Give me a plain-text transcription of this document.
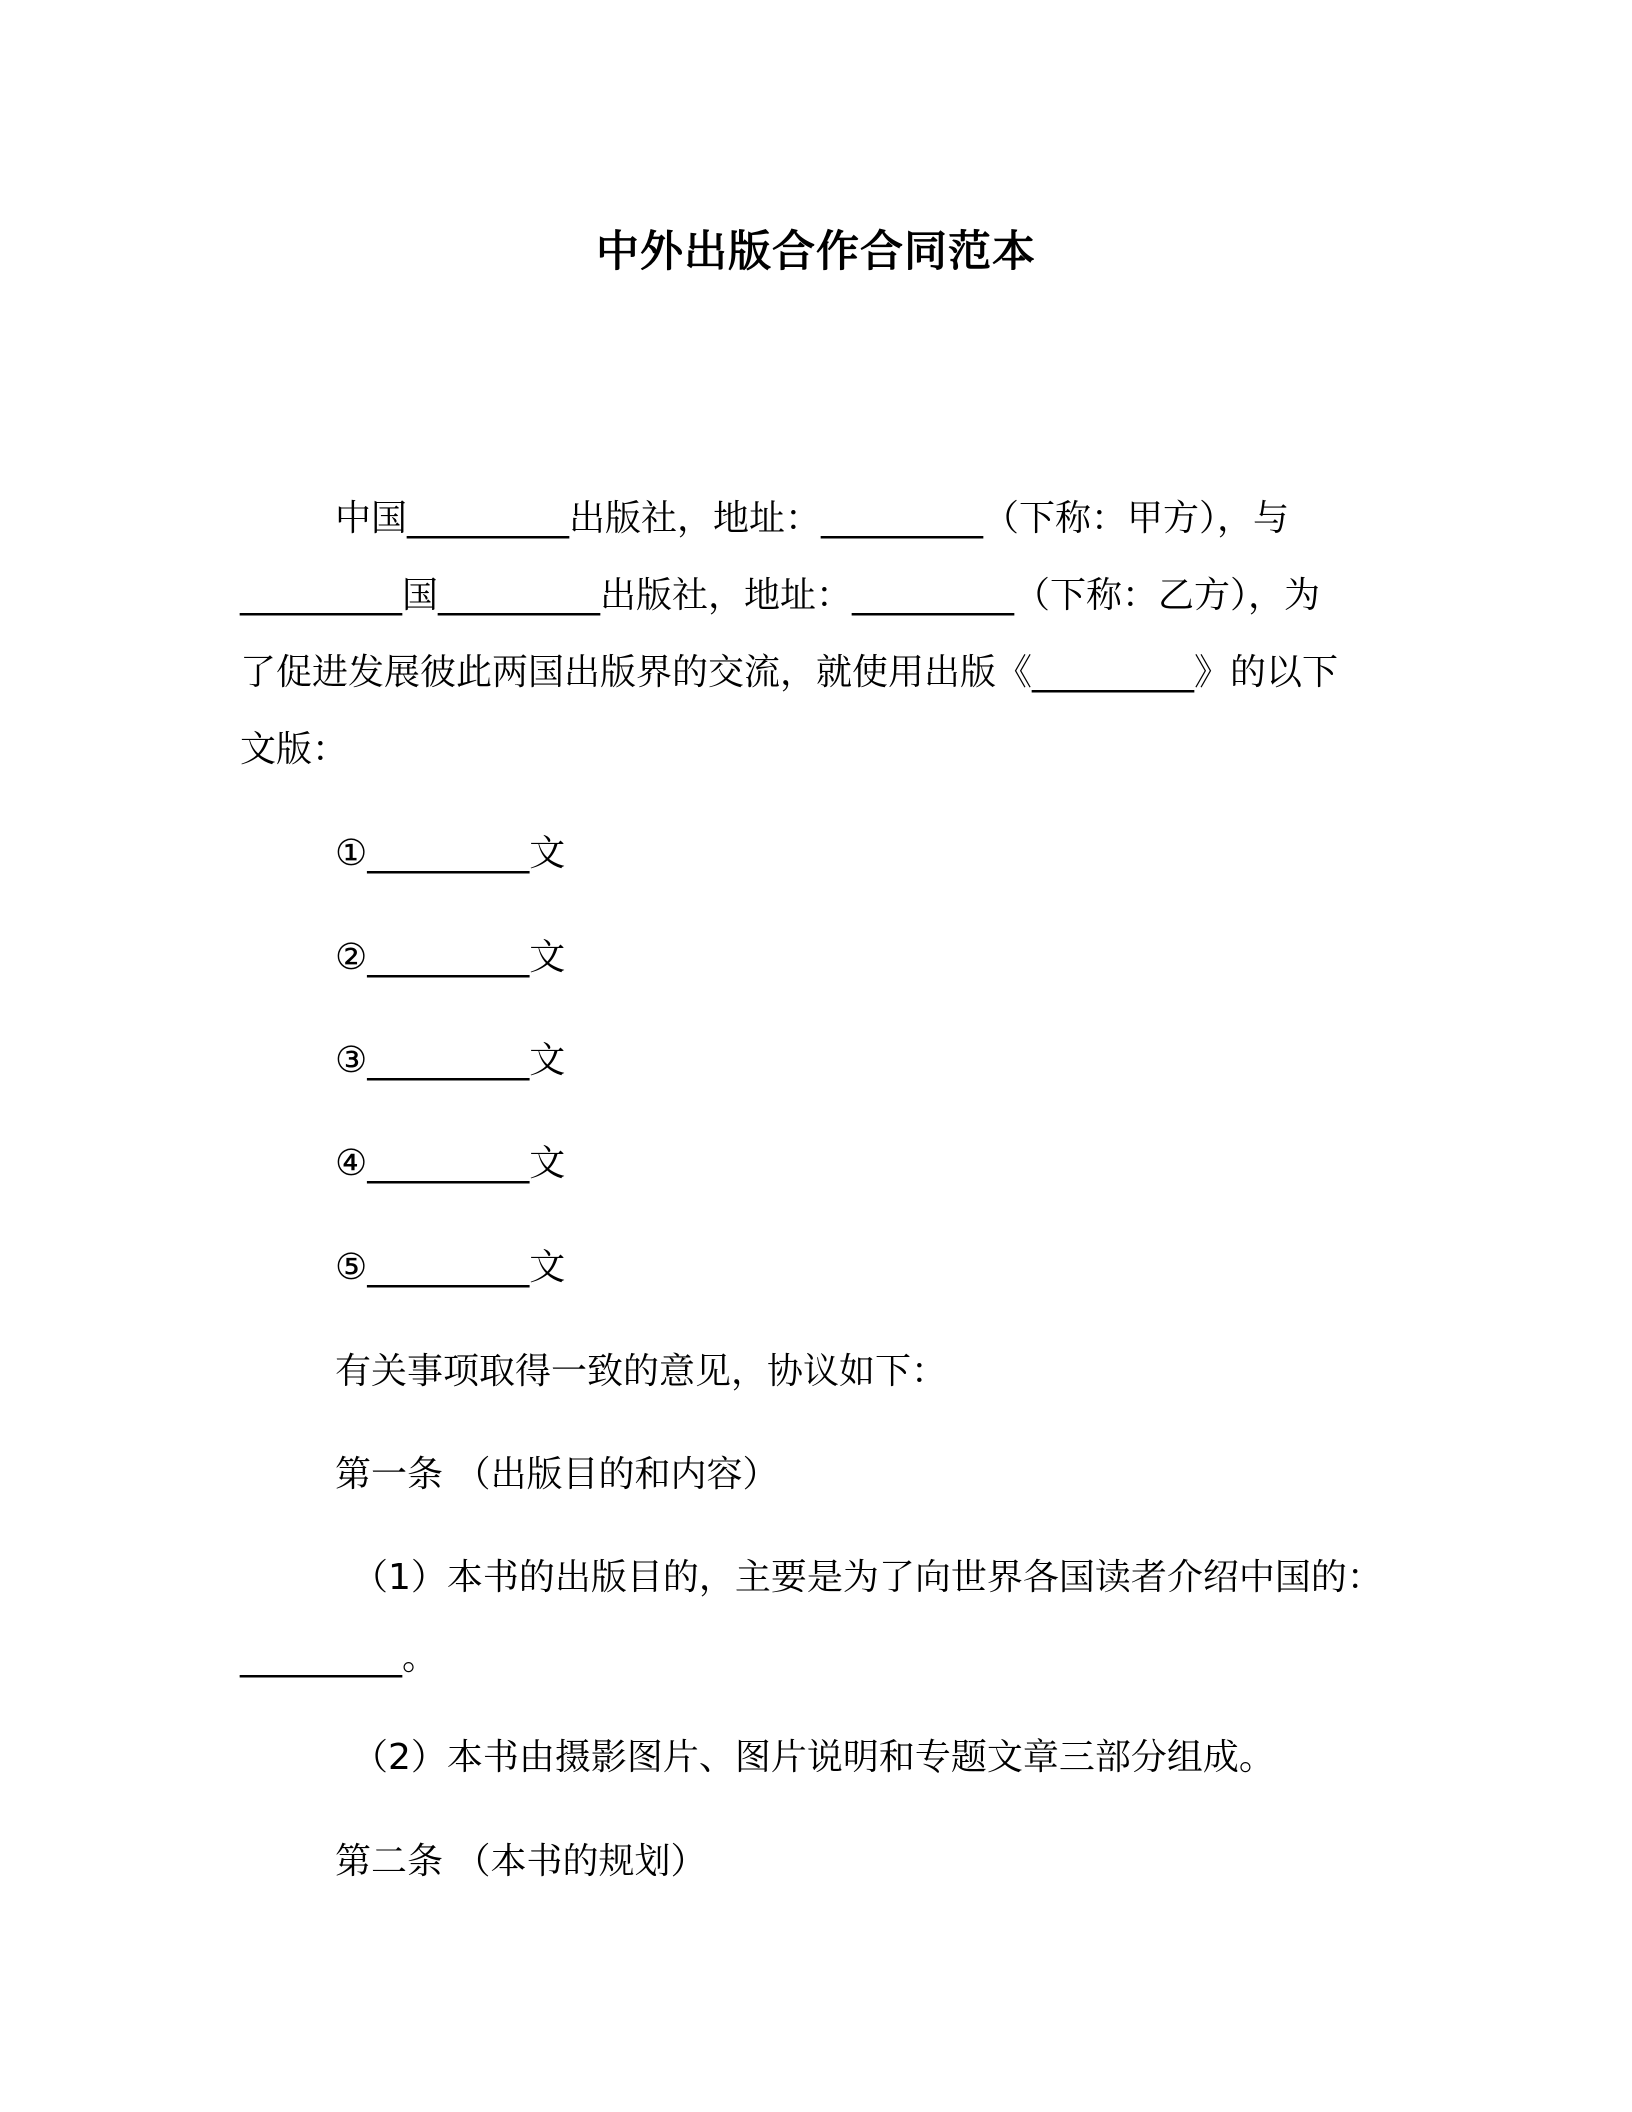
中外出版合作合同范本
中国_________出版社，地址：_________（下称：甲方），与
_________国_________出版社，地址：_________（下称：乙方），为
了促进发展彼此两国出版界的交流，就使用出版《_________》的以下
文版：
①_________文
②_________文
③_________文
④_________文
⑤_________文
有关事项取得一致的意见，协议如下：
第一条 （出版目的和内容）
（1）本书的出版目的，主要是为了向世界各国读者介绍中国的：
_________。
（2）本书由摄影图片、图片说明和专题文章三部分组成。
第二条 （本书的规划）
